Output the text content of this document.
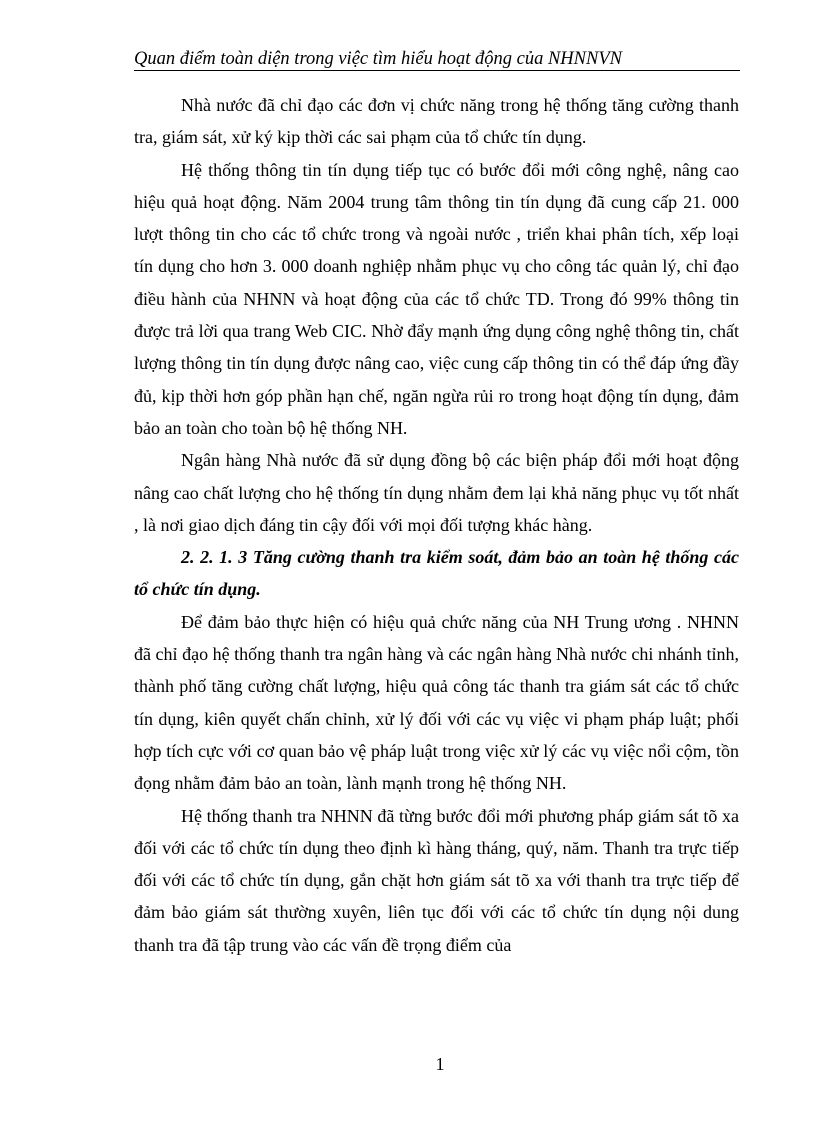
Quan điểm toàn diện trong việc tìm hiểu hoạt động của NHNNVN

Nhà nước đã chỉ đạo các đơn vị chức năng trong hệ thống tăng cường thanh tra, giám sát, xử ký kịp thời các sai phạm của tổ chức tín dụng.

Hệ thống thông tin tín dụng tiếp tục có bước đổi mới công nghệ, nâng cao hiệu quả hoạt động. Năm 2004 trung tâm thông tin tín dụng đã cung cấp 21. 000 lượt thông tin cho các tổ chức trong và ngoài nước , triển khai phân tích, xếp loại tín dụng cho hơn 3. 000 doanh nghiệp nhằm phục vụ cho công tác quản lý, chỉ đạo điều hành của NHNN và hoạt động của các tổ chức TD. Trong đó 99% thông tin được trả lời qua trang Web CIC. Nhờ đẩy mạnh ứng dụng công nghệ thông tin, chất lượng thông tin tín dụng được nâng cao, việc cung cấp thông tin có thể đáp ứng đầy đủ, kịp thời hơn góp phần hạn chế, ngăn ngừa rủi ro trong hoạt động tín dụng, đảm bảo an toàn cho toàn bộ hệ thống NH.

Ngân hàng Nhà nước đã sử dụng đồng bộ các biện pháp đổi mới hoạt động nâng cao chất lượng cho hệ thống tín dụng nhằm đem lại khả năng phục vụ tốt nhất , là nơi giao dịch đáng tin cậy đối với mọi đối tượng khác hàng.

2. 2. 1. 3 Tăng cường thanh tra kiểm soát, đảm bảo an toàn hệ thống các tổ chức tín dụng.

Để đảm bảo thực hiện có hiệu quả chức năng của NH Trung ương . NHNN đã chỉ đạo hệ thống thanh tra ngân hàng và các ngân hàng Nhà nước chi nhánh tỉnh, thành phố tăng cường chất lượng, hiệu quả công tác thanh tra giám sát các tổ chức tín dụng, kiên quyết chấn chỉnh, xử lý đối với các vụ việc vi phạm pháp luật; phối hợp tích cực với cơ quan bảo vệ pháp luật trong việc xử lý các vụ việc nổi cộm, tồn đọng nhằm đảm bảo an toàn, lành mạnh trong hệ thống NH.

Hệ thống thanh tra NHNN đã từng bước đổi mới phương pháp giám sát tõ xa đối với các tổ chức tín dụng theo định kì hàng tháng, quý, năm. Thanh tra trực tiếp đối với các tổ chức tín dụng, gắn chặt hơn giám sát tõ xa với thanh tra trực tiếp để đảm bảo giám sát thường xuyên, liên tục đối với các tổ chức tín dụng nội dung thanh tra đã tập trung vào các vấn đề trọng điểm của

1
